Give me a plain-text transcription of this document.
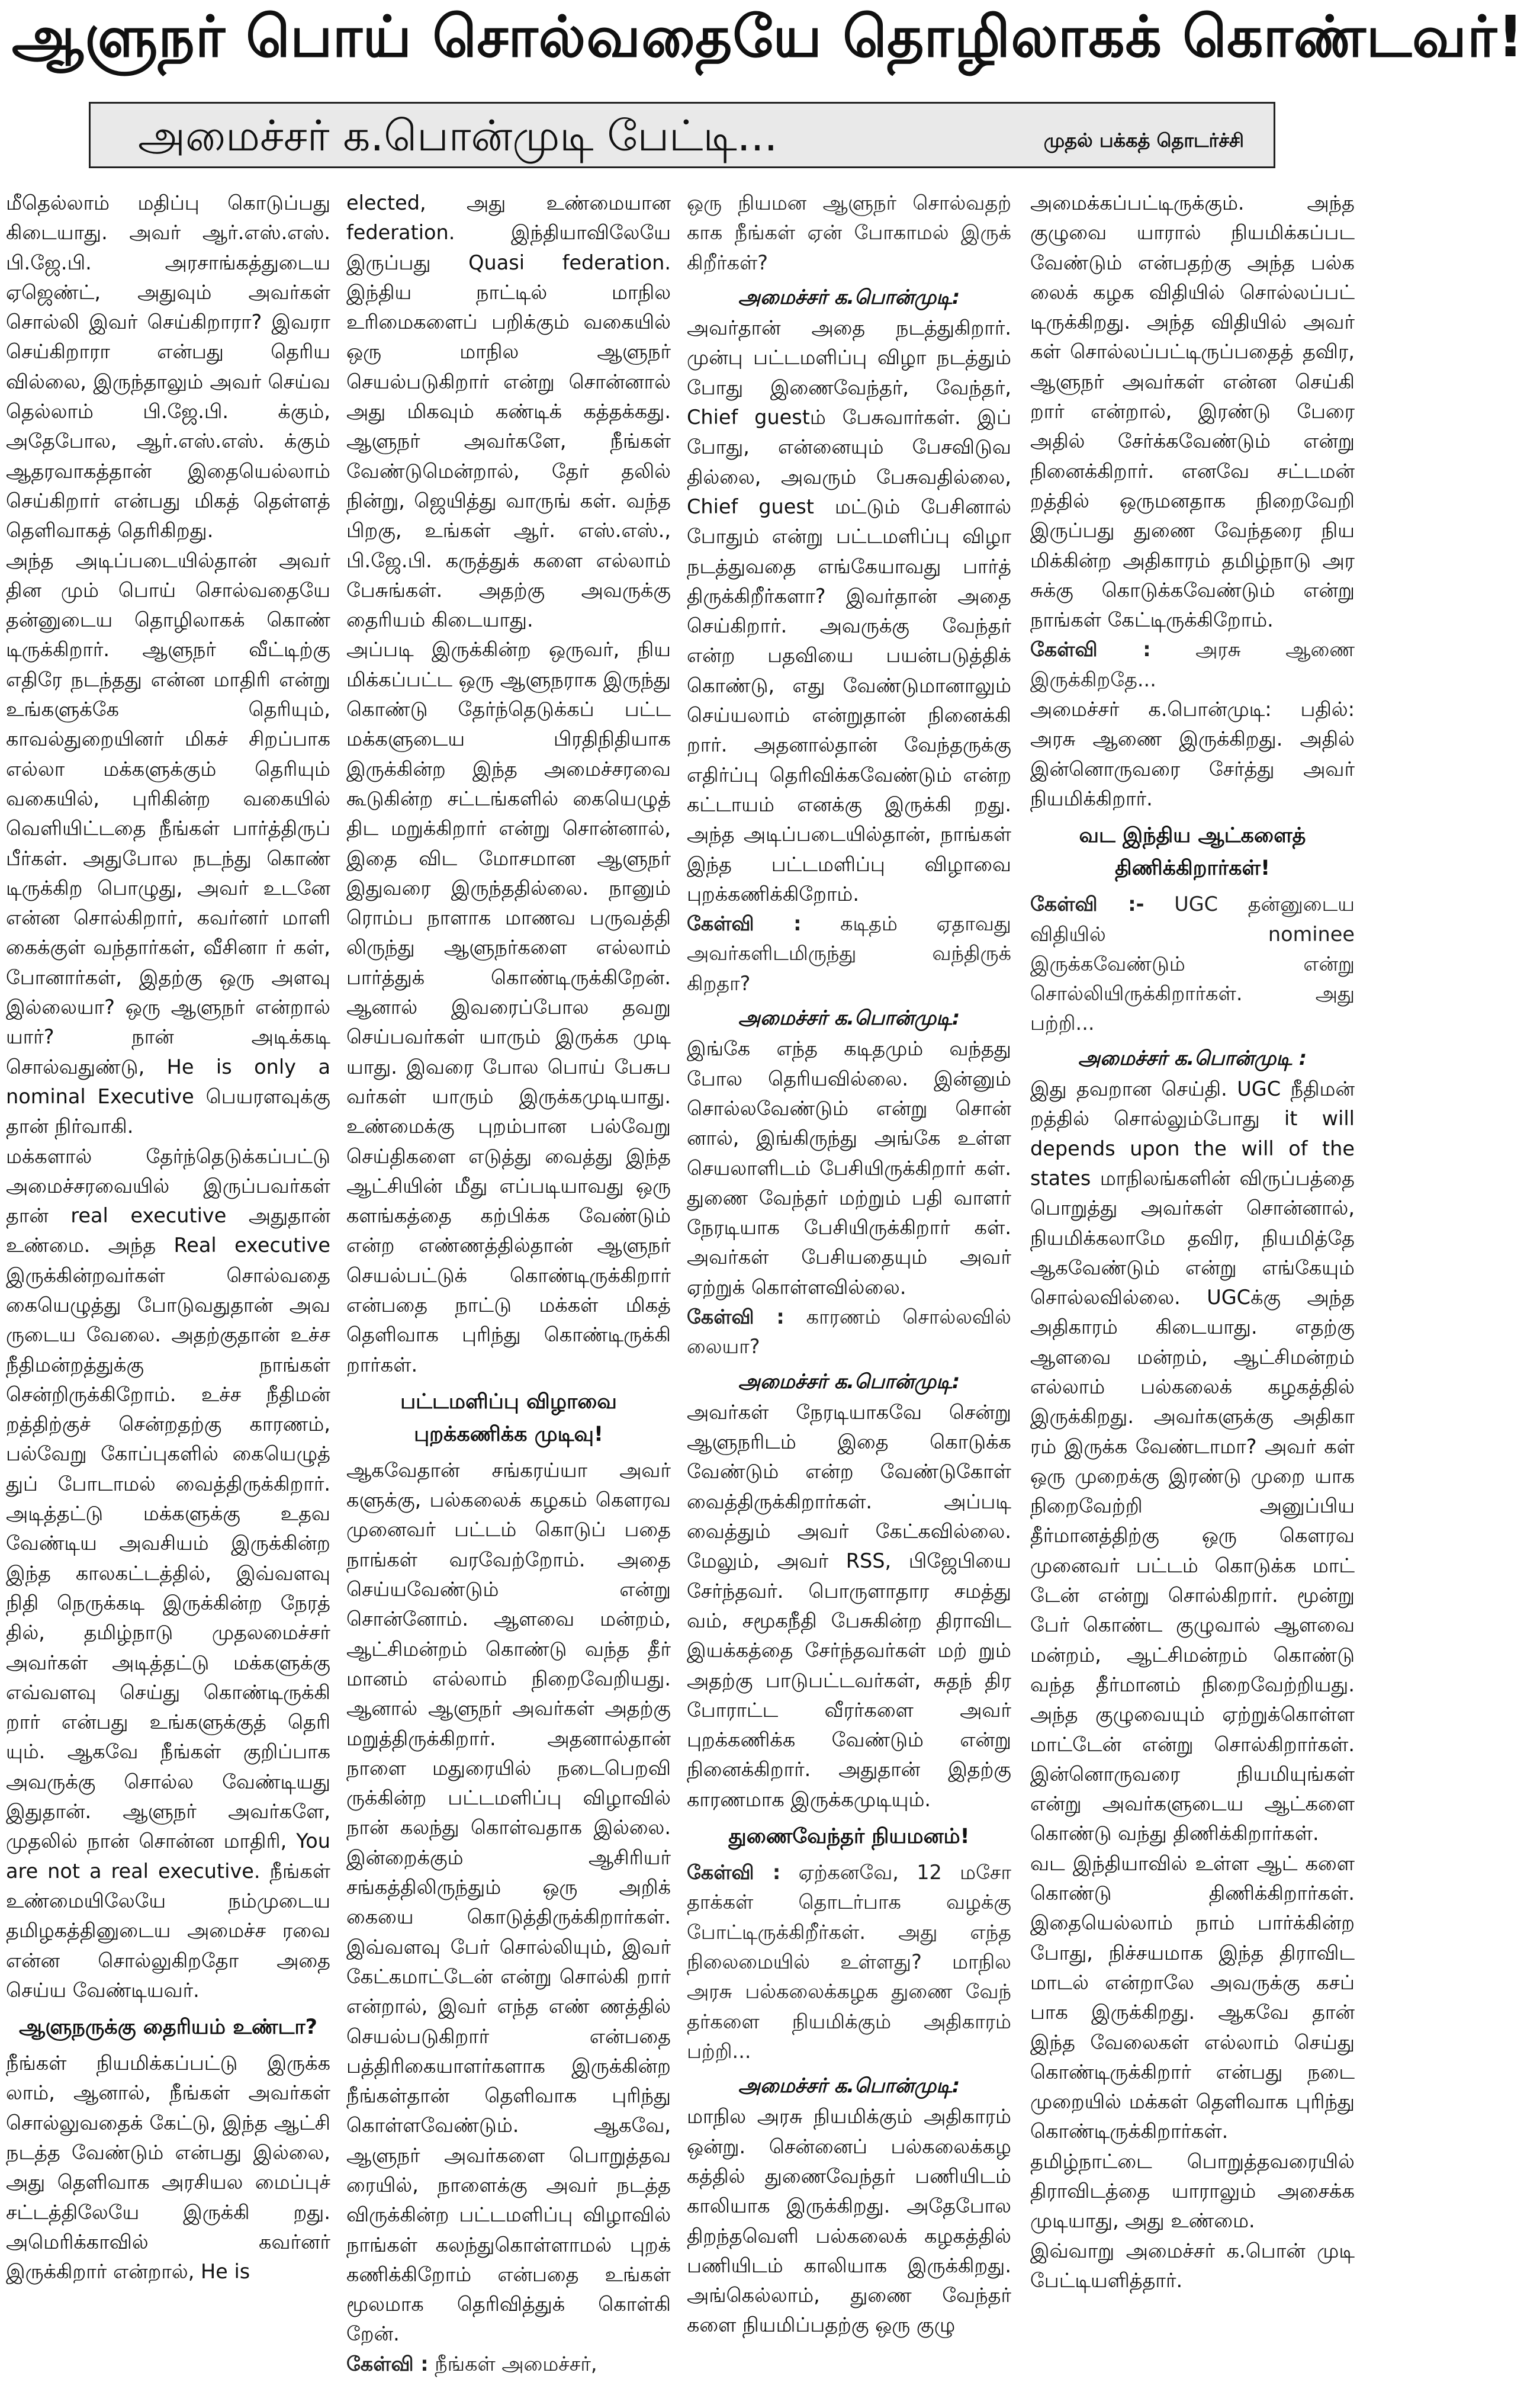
ஆளுநர் பொய் சொல்வதையே தொழிலாகக் கொண்டவர்!
அமைச்சர் க.பொன்முடி பேட்டி...	முதல் பக்கத் தொடர்ச்சி

மீதெல்லாம் மதிப்பு கொடுப்பது கிடையாது. அவர் ஆர்.எஸ்.எஸ். பி.ஜே.பி. அரசாங்கத்துடைய ஏஜெண்ட், அதுவும் அவர்கள் சொல்லி இவர் செய்கிறாரா? இவரா செய்கிறாரா என்பது தெரிய வில்லை, இருந்தாலும் அவர் செய்வ தெல்லாம் பி.ஜே.பி. க்கும், அதேபோல, ஆர்.எஸ்.எஸ். க்கும் ஆதரவாகத்தான் இதையெல்லாம் செய்கிறார் என்பது மிகத் தெள்ளத் தெளிவாகத் தெரிகிறது.

அந்த அடிப்படையில்தான் அவர் தின மும் பொய் சொல்வதையே தன்னுடைய தொழிலாகக் கொண் டிருக்கிறார். ஆளுநர் வீட்டிற்கு எதிரே நடந்தது என்ன மாதிரி என்று உங்களுக்கே தெரியும், காவல்துறையினர் மிகச் சிறப்பாக எல்லா மக்களுக்கும் தெரியும் வகையில், புரிகின்ற வகையில் வெளியிட்டதை நீங்கள் பார்த்திருப் பீர்கள். அதுபோல நடந்து கொண் டிருக்கிற பொழுது, அவர் உடனே என்ன சொல்கிறார், கவர்னர் மாளி கைக்குள் வந்தார்கள், வீசினா ர் கள், போனார்கள், இதற்கு ஒரு அளவு இல்லையா? ஒரு ஆளுநர் என்றால் யார்? நான் அடிக்கடி சொல்வதுண்டு, He is only a nominal Executive பெயரளவுக்கு தான் நிர்வாகி.

மக்களால் தேர்ந்தெடுக்கப்பட்டு அமைச்சரவையில் இருப்பவர்கள் தான் real executive அதுதான் உண்மை. அந்த Real executive இருக்கின்றவர்கள் சொல்வதை கையெழுத்து போடுவதுதான் அவ ருடைய வேலை. அதற்குதான் உச்ச நீதிமன்றத்துக்கு நாங்கள் சென்றிருக்கிறோம். உச்ச நீதிமன் றத்திற்குச் சென்றதற்கு காரணம், பல்வேறு கோப்புகளில் கையெழுத் துப் போடாமல் வைத்திருக்கிறார். அடித்தட்டு மக்களுக்கு உதவ வேண்டிய அவசியம் இருக்கின்ற இந்த காலகட்டத்தில், இவ்வளவு நிதி நெருக்கடி இருக்கின்ற நேரத் தில், தமிழ்நாடு முதலமைச்சர் அவர்கள் அடித்தட்டு மக்களுக்கு எவ்வளவு செய்து கொண்டிருக்கி றார் என்பது உங்களுக்குத் தெரி யும். ஆகவே நீங்கள் குறிப்பாக அவருக்கு சொல்ல வேண்டியது இதுதான். ஆளுநர் அவர்களே, முதலில் நான் சொன்ன மாதிரி, You are not a real executive. நீங்கள் உண்மையிலேயே நம்முடைய தமிழகத்தினுடைய அமைச்ச ரவை என்ன சொல்லுகிறதோ அதை செய்ய வேண்டியவர்.

ஆளுநருக்கு தைரியம் உண்டா?

நீங்கள் நியமிக்கப்பட்டு இருக்க லாம், ஆனால், நீங்கள் அவர்கள் சொல்லுவதைக் கேட்டு, இந்த ஆட்சி நடத்த வேண்டும் என்பது இல்லை, அது தெளிவாக அரசியல மைப்புச் சட்டத்திலேயே இருக்கி றது. அமெரிக்காவில் கவர்னர் இருக்கிறார் என்றால், He is

elected, அது உண்மையான federation. இந்தியாவிலேயே இருப்பது Quasi federation. இந்திய நாட்டில் மாநில உரிமைகளைப் பறிக்கும் வகையில் ஒரு மாநில ஆளுநர் செயல்படுகிறார் என்று சொன்னால் அது மிகவும் கண்டிக் கத்தக்கது. ஆளுநர் அவர்களே, நீங்கள் வேண்டுமென்றால், தேர் தலில் நின்று, ஜெயித்து வாருங் கள். வந்த பிறகு, உங்கள் ஆர். எஸ்.எஸ்., பி.ஜே.பி. கருத்துக் களை எல்லாம் பேசுங்கள். அதற்கு அவருக்கு தைரியம் கிடையாது.

அப்படி இருக்கின்ற ஒருவர், நிய மிக்கப்பட்ட ஒரு ஆளுநராக இருந்து கொண்டு தேர்ந்தெடுக்கப் பட்ட மக்களுடைய பிரதிநிதியாக இருக்கின்ற இந்த அமைச்சரவை கூடுகின்ற சட்டங்களில் கையெழுத் திட மறுக்கிறார் என்று சொன்னால், இதை விட மோசமான ஆளுநர் இதுவரை இருந்ததில்லை. நானும் ரொம்ப நாளாக மாணவ பருவத்தி லிருந்து ஆளுநர்களை எல்லாம் பார்த்துக் கொண்டிருக்கிறேன். ஆனால் இவரைப்போல தவறு செய்பவர்கள் யாரும் இருக்க முடி யாது. இவரை போல பொய் பேசுப வர்கள் யாரும் இருக்கமுடியாது. உண்மைக்கு புறம்பான பல்வேறு செய்திகளை எடுத்து வைத்து இந்த ஆட்சியின் மீது எப்படியாவது ஒரு களங்கத்தை கற்பிக்க வேண்டும் என்ற எண்ணத்தில்தான் ஆளுநர் செயல்பட்டுக் கொண்டிருக்கிறார் என்பதை நாட்டு மக்கள் மிகத் தெளிவாக புரிந்து கொண்டிருக்கி றார்கள்.

பட்டமளிப்பு விழாவை புறக்கணிக்க முடிவு!

ஆகவேதான் சங்கரய்யா அவர் களுக்கு, பல்கலைக் கழகம் கௌரவ முனைவர் பட்டம் கொடுப் பதை நாங்கள் வரவேற்றோம். அதை செய்யவேண்டும் என்று சொன்னோம். ஆளவை மன்றம், ஆட்சிமன்றம் கொண்டு வந்த தீர் மானம் எல்லாம் நிறைவேறியது. ஆனால் ஆளுநர் அவர்கள் அதற்கு மறுத்திருக்கிறார். அதனால்தான் நாளை மதுரையில் நடைபெறவி ருக்கின்ற பட்டமளிப்பு விழாவில் நான் கலந்து கொள்வதாக இல்லை. இன்றைக்கும் ஆசிரியர் சங்கத்திலிருந்தும் ஒரு அறிக் கையை கொடுத்திருக்கிறார்கள். இவ்வளவு பேர் சொல்லியும், இவர் கேட்கமாட்டேன் என்று சொல்கி றார் என்றால், இவர் எந்த எண் ணத்தில் செயல்படுகிறார் என்பதை பத்திரிகையாளர்களாக இருக்கின்ற நீங்கள்தான் தெளிவாக புரிந்து கொள்ளவேண்டும். ஆகவே, ஆளுநர் அவர்களை பொறுத்தவ ரையில், நாளைக்கு அவர் நடத்த விருக்கின்ற பட்டமளிப்பு விழாவில் நாங்கள் கலந்துகொள்ளாமல் புறக் கணிக்கிறோம் என்பதை உங்கள் மூலமாக தெரிவித்துக் கொள்கி றேன்.

கேள்வி : நீங்கள் அமைச்சர்,

ஒரு நியமன ஆளுநர் சொல்வதற் காக நீங்கள் ஏன் போகாமல் இருக் கிறீர்கள்?

அமைச்சர் க.பொன்முடி:

அவர்தான் அதை நடத்துகிறார். முன்பு பட்டமளிப்பு விழா நடத்தும் போது இணைவேந்தர், வேந்தர், Chief guestம் பேசுவார்கள். இப் போது, என்னையும் பேசவிடுவ தில்லை, அவரும் பேசுவதில்லை, Chief guest மட்டும் பேசினால் போதும் என்று பட்டமளிப்பு விழா நடத்துவதை எங்கேயாவது பார்த் திருக்கிறீர்களா? இவர்தான் அதை செய்கிறார். அவருக்கு வேந்தர் என்ற பதவியை பயன்படுத்திக் கொண்டு, எது வேண்டுமானாலும் செய்யலாம் என்றுதான் நினைக்கி றார். அதனால்தான் வேந்தருக்கு எதிர்ப்பு தெரிவிக்கவேண்டும் என்ற கட்டாயம் எனக்கு இருக்கி றது. அந்த அடிப்படையில்தான், நாங்கள் இந்த பட்டமளிப்பு விழாவை புறக்கணிக்கிறோம்.

கேள்வி : கடிதம் ஏதாவது அவர்களிடமிருந்து வந்திருக் கிறதா?

அமைச்சர் க.பொன்முடி:

இங்கே எந்த கடிதமும் வந்தது போல தெரியவில்லை. இன்னும் சொல்லவேண்டும் என்று சொன் னால், இங்கிருந்து அங்கே உள்ள செயலாளிடம் பேசியிருக்கிறார் கள். துணை வேந்தர் மற்றும் பதி வாளர் நேரடியாக பேசியிருக்கிறார் கள். அவர்கள் பேசியதையும் அவர் ஏற்றுக் கொள்ளவில்லை.

கேள்வி : காரணம் சொல்லவில் லையா?

அமைச்சர் க.பொன்முடி:

அவர்கள் நேரடியாகவே சென்று ஆளுநரிடம் இதை கொடுக்க வேண்டும் என்ற வேண்டுகோள் வைத்திருக்கிறார்கள். அப்படி வைத்தும் அவர் கேட்கவில்லை. மேலும், அவர் RSS, பிஜேபியை சேர்ந்தவர். பொருளாதார சமத்து வம், சமூகநீதி பேசுகின்ற திராவிட இயக்கத்தை சேர்ந்தவர்கள் மற் றும் அதற்கு பாடுபட்டவர்கள், சுதந் திர போராட்ட வீரர்களை அவர் புறக்கணிக்க வேண்டும் என்று நினைக்கிறார். அதுதான் இதற்கு காரணமாக இருக்கமுடியும்.

துணைவேந்தர் நியமனம்!

கேள்வி : ஏற்கனவே, 12 மசோ தாக்கள் தொடர்பாக வழக்கு போட்டிருக்கிறீர்கள். அது எந்த நிலைமையில் உள்ளது? மாநில அரசு பல்கலைக்கழக துணை வேந் தர்களை நியமிக்கும் அதிகாரம் பற்றி...

அமைச்சர் க.பொன்முடி:

மாநில அரசு நியமிக்கும் அதிகாரம் ஒன்று. சென்னைப் பல்கலைக்கழ கத்தில் துணைவேந்தர் பணியிடம் காலியாக இருக்கிறது. அதேபோல திறந்தவெளி பல்கலைக் கழகத்தில் பணியிடம் காலியாக இருக்கிறது. அங்கெல்லாம், துணை வேந்தர் களை நியமிப்பதற்கு ஒரு குழு

அமைக்கப்பட்டிருக்கும். அந்த குழுவை யாரால் நியமிக்கப்பட வேண்டும் என்பதற்கு அந்த பல்க லைக் கழக விதியில் சொல்லப்பட் டிருக்கிறது. அந்த விதியில் அவர் கள் சொல்லப்பட்டிருப்பதைத் தவிர, ஆளுநர் அவர்கள் என்ன செய்கி றார் என்றால், இரண்டு பேரை அதில் சேர்க்கவேண்டும் என்று நினைக்கிறார். எனவே சட்டமன் றத்தில் ஒருமனதாக நிறைவேறி இருப்பது துணை வேந்தரை நிய மிக்கின்ற அதிகாரம் தமிழ்நாடு அர சுக்கு கொடுக்கவேண்டும் என்று நாங்கள் கேட்டிருக்கிறோம்.

கேள்வி : அரசு ஆணை இருக்கிறதே...

அமைச்சர் க.பொன்முடி: பதில்: அரசு ஆணை இருக்கிறது. அதில் இன்னொருவரை சேர்த்து அவர் நியமிக்கிறார்.

வட இந்திய ஆட்களைத் திணிக்கிறார்கள்!

கேள்வி :- UGC தன்னுடைய விதியில் nominee இருக்கவேண்டும் என்று சொல்லியிருக்கிறார்கள். அது பற்றி...

அமைச்சர் க.பொன்முடி :

இது தவறான செய்தி. UGC நீதிமன் றத்தில் சொல்லும்போது it will depends upon the will of the states மாநிலங்களின் விருப்பத்தை பொறுத்து அவர்கள் சொன்னால், நியமிக்கலாமே தவிர, நியமித்தே ஆகவேண்டும் என்று எங்கேயும் சொல்லவில்லை. UGCக்கு அந்த அதிகாரம் கிடையாது. எதற்கு ஆளவை மன்றம், ஆட்சிமன்றம் எல்லாம் பல்கலைக் கழகத்தில் இருக்கிறது. அவர்களுக்கு அதிகா ரம் இருக்க வேண்டாமா? அவர் கள் ஒரு முறைக்கு இரண்டு முறை யாக நிறைவேற்றி அனுப்பிய தீர்மானத்திற்கு ஒரு கௌரவ முனைவர் பட்டம் கொடுக்க மாட் டேன் என்று சொல்கிறார். மூன்று பேர் கொண்ட குழுவால் ஆளவை மன்றம், ஆட்சிமன்றம் கொண்டு வந்த தீர்மானம் நிறைவேற்றியது. அந்த குழுவையும் ஏற்றுக்கொள்ள மாட்டேன் என்று சொல்கிறார்கள். இன்னொருவரை நியமியுங்கள் என்று அவர்களுடைய ஆட்களை கொண்டு வந்து திணிக்கிறார்கள்.

வட இந்தியாவில் உள்ள ஆட் களை கொண்டு திணிக்கிறார்கள். இதையெல்லாம் நாம் பார்க்கின்ற போது, நிச்சயமாக இந்த திராவிட மாடல் என்றாலே அவருக்கு கசப் பாக இருக்கிறது. ஆகவே தான் இந்த வேலைகள் எல்லாம் செய்து கொண்டிருக்கிறார் என்பது நடை முறையில் மக்கள் தெளிவாக புரிந்து கொண்டிருக்கிறார்கள். தமிழ்நாட்டை பொறுத்தவரையில் திராவிடத்தை யாராலும் அசைக்க முடியாது, அது உண்மை.

இவ்வாறு அமைச்சர் க.பொன் முடி பேட்டியளித்தார்.
